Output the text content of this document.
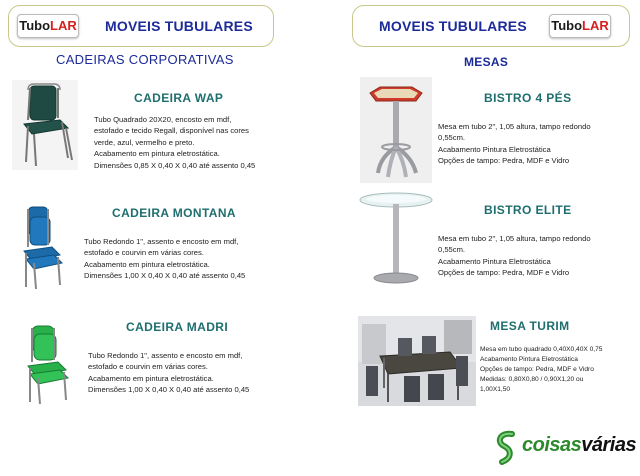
TuboLAR MOVEIS TUBULARES	MOVEIS TUBULARES TuboLAR
CADEIRAS CORPORATIVAS	MESAS
CADEIRA WAP
Tubo Quadrado 20X20, encosto em mdf,
estofado e tecido Regall, disponível nas cores
verde, azul, vermelho e preto.
Acabamento em pintura eletrostática.
Dimensões 0,85 X 0,40 X 0,40 até assento 0,45
CADEIRA MONTANA
Tubo Redondo 1", assento e encosto em mdf,
estofado e courvin em várias cores.
Acabamento em pintura eletrostática.
Dimensões 1,00 X 0,40 X 0,40 até assento 0,45
CADEIRA MADRI
Tubo Redondo 1", assento e encosto em mdf,
estofado e courvin em várias cores.
Acabamento em pintura eletrostática.
Dimensões 1,00 X 0,40 X 0,40 até assento 0,45
BISTRO 4 PÉS
Mesa em tubo 2", 1,05 altura, tampo redondo
0,55cm.
Acabamento Pintura Eletrostática
Opções de tampo: Pedra, MDF e Vidro
BISTRO ELITE
Mesa em tubo 2", 1,05 altura, tampo redondo
0,55cm.
Acabamento Pintura Eletrostática
Opções de tampo: Pedra, MDF e Vidro
MESA TURIM
Mesa em tubo quadrado 0,40X0,40X 0,75
Acabamento Pintura Eletrostática
Opções de tampo: Pedra, MDF e Vidro
Medidas: 0,80X0,80 / 0,90X1,20 ou
1,00X1,50
coisasvárias
